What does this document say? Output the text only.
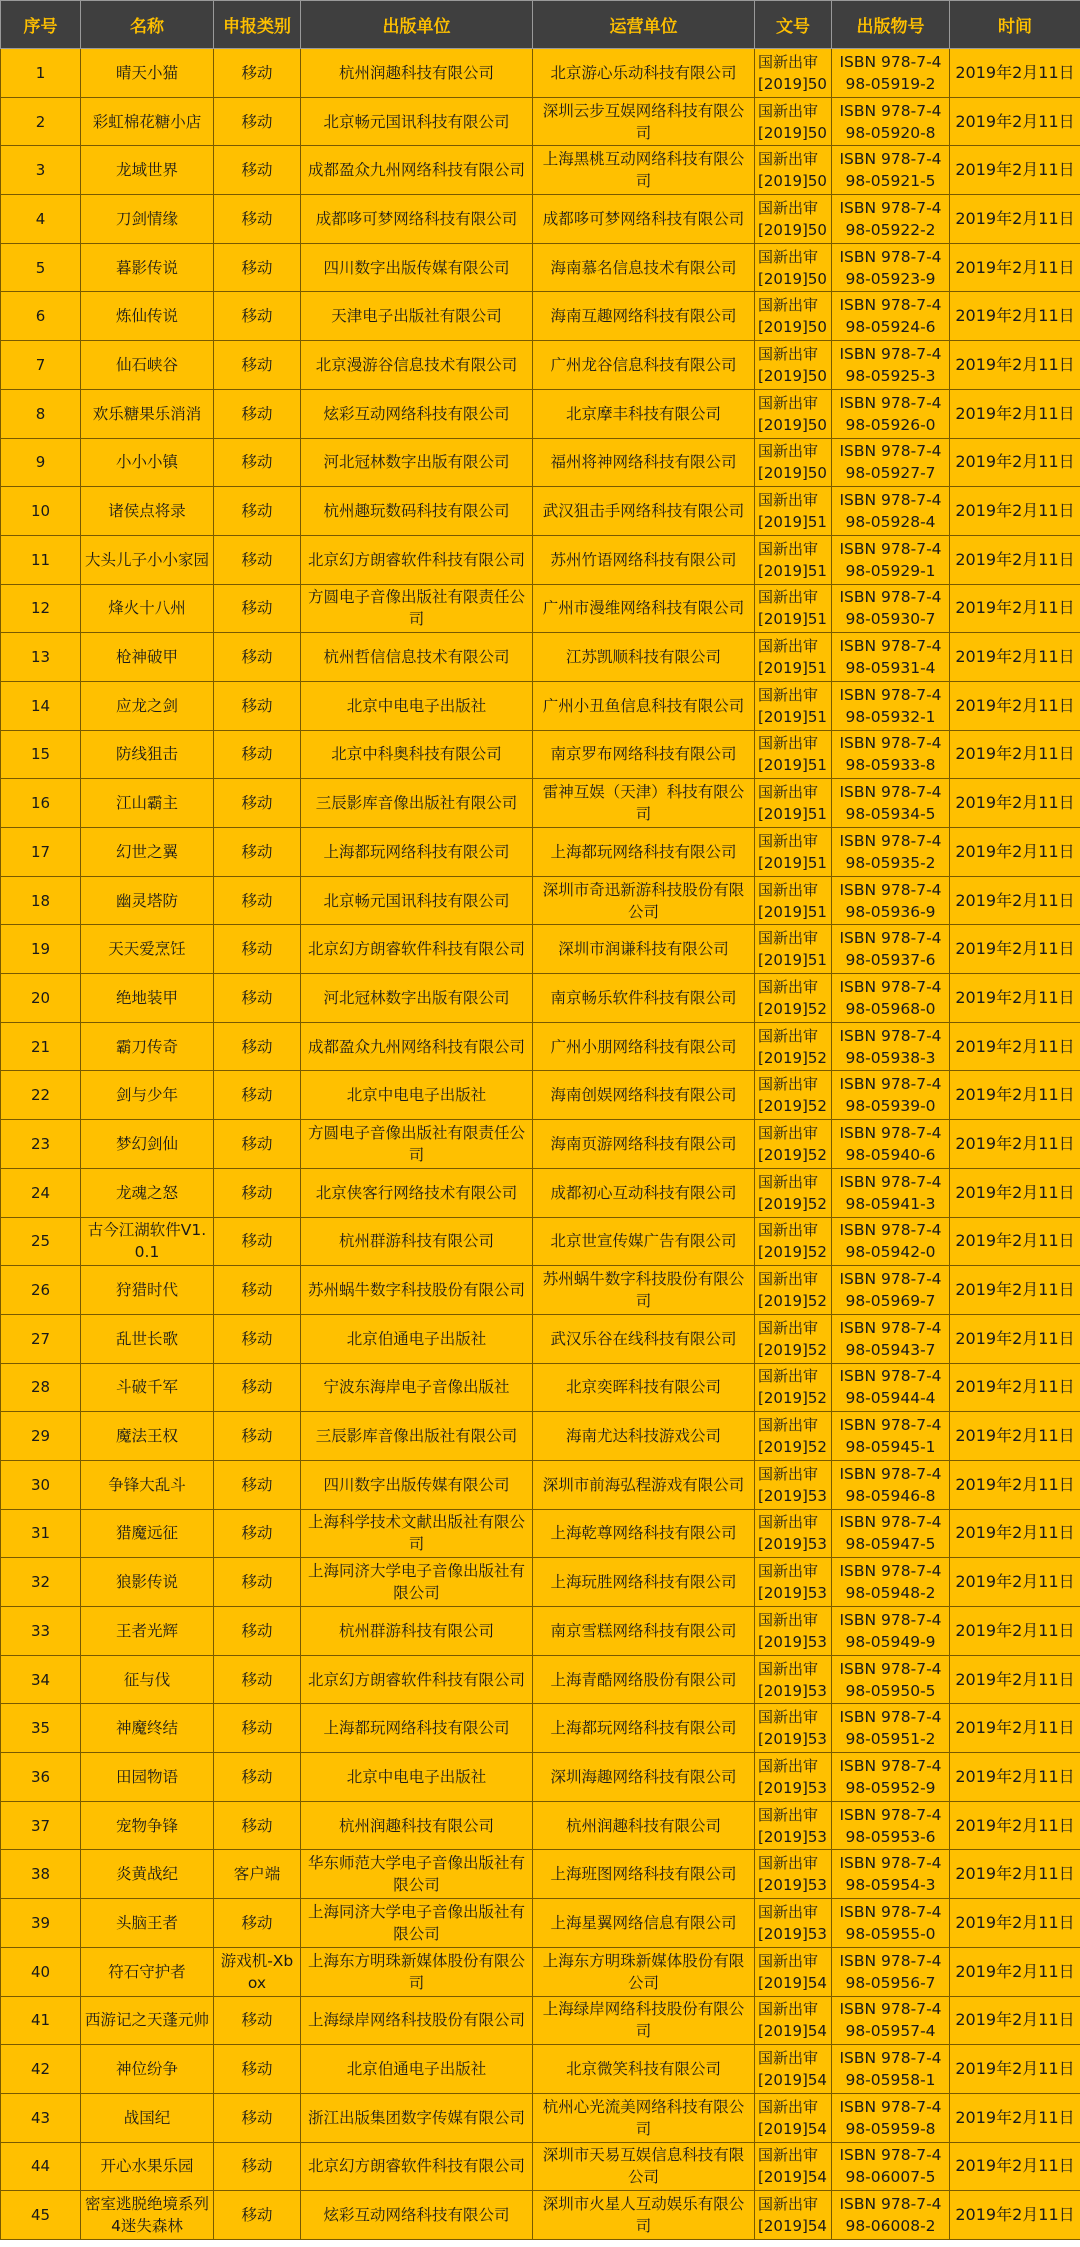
序号	名称	申报类别	出版单位	运营单位	文号	出版物号	时间
1	晴天小猫	移动	杭州润趣科技有限公司	北京游心乐动科技有限公司	国新出审[2019]50	ISBN 978-7-498-05919-2	2019年2月11日
2	彩虹棉花糖小店	移动	北京畅元国讯科技有限公司	深圳云步互娱网络科技有限公司	国新出审[2019]50	ISBN 978-7-498-05920-8	2019年2月11日
3	龙域世界	移动	成都盈众九州网络科技有限公司	上海黑桃互动网络科技有限公司	国新出审[2019]50	ISBN 978-7-498-05921-5	2019年2月11日
4	刀剑情缘	移动	成都哆可梦网络科技有限公司	成都哆可梦网络科技有限公司	国新出审[2019]50	ISBN 978-7-498-05922-2	2019年2月11日
5	暮影传说	移动	四川数字出版传媒有限公司	海南慕名信息技术有限公司	国新出审[2019]50	ISBN 978-7-498-05923-9	2019年2月11日
6	炼仙传说	移动	天津电子出版社有限公司	海南互趣网络科技有限公司	国新出审[2019]50	ISBN 978-7-498-05924-6	2019年2月11日
7	仙石峡谷	移动	北京漫游谷信息技术有限公司	广州龙谷信息科技有限公司	国新出审[2019]50	ISBN 978-7-498-05925-3	2019年2月11日
8	欢乐糖果乐消消	移动	炫彩互动网络科技有限公司	北京摩丰科技有限公司	国新出审[2019]50	ISBN 978-7-498-05926-0	2019年2月11日
9	小小小镇	移动	河北冠林数字出版有限公司	福州将神网络科技有限公司	国新出审[2019]50	ISBN 978-7-498-05927-7	2019年2月11日
10	诸侯点将录	移动	杭州趣玩数码科技有限公司	武汉狙击手网络科技有限公司	国新出审[2019]51	ISBN 978-7-498-05928-4	2019年2月11日
11	大头儿子小小家园	移动	北京幻方朗睿软件科技有限公司	苏州竹语网络科技有限公司	国新出审[2019]51	ISBN 978-7-498-05929-1	2019年2月11日
12	烽火十八州	移动	方圆电子音像出版社有限责任公司	广州市漫维网络科技有限公司	国新出审[2019]51	ISBN 978-7-498-05930-7	2019年2月11日
13	枪神破甲	移动	杭州哲信信息技术有限公司	江苏凯顺科技有限公司	国新出审[2019]51	ISBN 978-7-498-05931-4	2019年2月11日
14	应龙之剑	移动	北京中电电子出版社	广州小丑鱼信息科技有限公司	国新出审[2019]51	ISBN 978-7-498-05932-1	2019年2月11日
15	防线狙击	移动	北京中科奥科技有限公司	南京罗布网络科技有限公司	国新出审[2019]51	ISBN 978-7-498-05933-8	2019年2月11日
16	江山霸主	移动	三辰影库音像出版社有限公司	雷神互娱（天津）科技有限公司	国新出审[2019]51	ISBN 978-7-498-05934-5	2019年2月11日
17	幻世之翼	移动	上海都玩网络科技有限公司	上海都玩网络科技有限公司	国新出审[2019]51	ISBN 978-7-498-05935-2	2019年2月11日
18	幽灵塔防	移动	北京畅元国讯科技有限公司	深圳市奇迅新游科技股份有限公司	国新出审[2019]51	ISBN 978-7-498-05936-9	2019年2月11日
19	天天爱烹饪	移动	北京幻方朗睿软件科技有限公司	深圳市润谦科技有限公司	国新出审[2019]51	ISBN 978-7-498-05937-6	2019年2月11日
20	绝地装甲	移动	河北冠林数字出版有限公司	南京畅乐软件科技有限公司	国新出审[2019]52	ISBN 978-7-498-05968-0	2019年2月11日
21	霸刀传奇	移动	成都盈众九州网络科技有限公司	广州小朋网络科技有限公司	国新出审[2019]52	ISBN 978-7-498-05938-3	2019年2月11日
22	剑与少年	移动	北京中电电子出版社	海南创娱网络科技有限公司	国新出审[2019]52	ISBN 978-7-498-05939-0	2019年2月11日
23	梦幻剑仙	移动	方圆电子音像出版社有限责任公司	海南页游网络科技有限公司	国新出审[2019]52	ISBN 978-7-498-05940-6	2019年2月11日
24	龙魂之怒	移动	北京侠客行网络技术有限公司	成都初心互动科技有限公司	国新出审[2019]52	ISBN 978-7-498-05941-3	2019年2月11日
25	古今江湖软件V1.0.1	移动	杭州群游科技有限公司	北京世宣传媒广告有限公司	国新出审[2019]52	ISBN 978-7-498-05942-0	2019年2月11日
26	狩猎时代	移动	苏州蜗牛数字科技股份有限公司	苏州蜗牛数字科技股份有限公司	国新出审[2019]52	ISBN 978-7-498-05969-7	2019年2月11日
27	乱世长歌	移动	北京伯通电子出版社	武汉乐谷在线科技有限公司	国新出审[2019]52	ISBN 978-7-498-05943-7	2019年2月11日
28	斗破千军	移动	宁波东海岸电子音像出版社	北京奕晖科技有限公司	国新出审[2019]52	ISBN 978-7-498-05944-4	2019年2月11日
29	魔法王权	移动	三辰影库音像出版社有限公司	海南尤达科技游戏公司	国新出审[2019]52	ISBN 978-7-498-05945-1	2019年2月11日
30	争锋大乱斗	移动	四川数字出版传媒有限公司	深圳市前海弘程游戏有限公司	国新出审[2019]53	ISBN 978-7-498-05946-8	2019年2月11日
31	猎魔远征	移动	上海科学技术文献出版社有限公司	上海乾尊网络科技有限公司	国新出审[2019]53	ISBN 978-7-498-05947-5	2019年2月11日
32	狼影传说	移动	上海同济大学电子音像出版社有限公司	上海玩胜网络科技有限公司	国新出审[2019]53	ISBN 978-7-498-05948-2	2019年2月11日
33	王者光辉	移动	杭州群游科技有限公司	南京雪糕网络科技有限公司	国新出审[2019]53	ISBN 978-7-498-05949-9	2019年2月11日
34	征与伐	移动	北京幻方朗睿软件科技有限公司	上海青酷网络股份有限公司	国新出审[2019]53	ISBN 978-7-498-05950-5	2019年2月11日
35	神魔终结	移动	上海都玩网络科技有限公司	上海都玩网络科技有限公司	国新出审[2019]53	ISBN 978-7-498-05951-2	2019年2月11日
36	田园物语	移动	北京中电电子出版社	深圳海趣网络科技有限公司	国新出审[2019]53	ISBN 978-7-498-05952-9	2019年2月11日
37	宠物争锋	移动	杭州润趣科技有限公司	杭州润趣科技有限公司	国新出审[2019]53	ISBN 978-7-498-05953-6	2019年2月11日
38	炎黄战纪	客户端	华东师范大学电子音像出版社有限公司	上海班图网络科技有限公司	国新出审[2019]53	ISBN 978-7-498-05954-3	2019年2月11日
39	头脑王者	移动	上海同济大学电子音像出版社有限公司	上海星翼网络信息有限公司	国新出审[2019]53	ISBN 978-7-498-05955-0	2019年2月11日
40	符石守护者	游戏机-Xbox	上海东方明珠新媒体股份有限公司	上海东方明珠新媒体股份有限公司	国新出审[2019]54	ISBN 978-7-498-05956-7	2019年2月11日
41	西游记之天蓬元帅	移动	上海绿岸网络科技股份有限公司	上海绿岸网络科技股份有限公司	国新出审[2019]54	ISBN 978-7-498-05957-4	2019年2月11日
42	神位纷争	移动	北京伯通电子出版社	北京微笑科技有限公司	国新出审[2019]54	ISBN 978-7-498-05958-1	2019年2月11日
43	战国纪	移动	浙江出版集团数字传媒有限公司	杭州心光流美网络科技有限公司	国新出审[2019]54	ISBN 978-7-498-05959-8	2019年2月11日
44	开心水果乐园	移动	北京幻方朗睿软件科技有限公司	深圳市天易互娱信息科技有限公司	国新出审[2019]54	ISBN 978-7-498-06007-5	2019年2月11日
45	密室逃脱绝境系列4迷失森林	移动	炫彩互动网络科技有限公司	深圳市火星人互动娱乐有限公司	国新出审[2019]54	ISBN 978-7-498-06008-2	2019年2月11日
